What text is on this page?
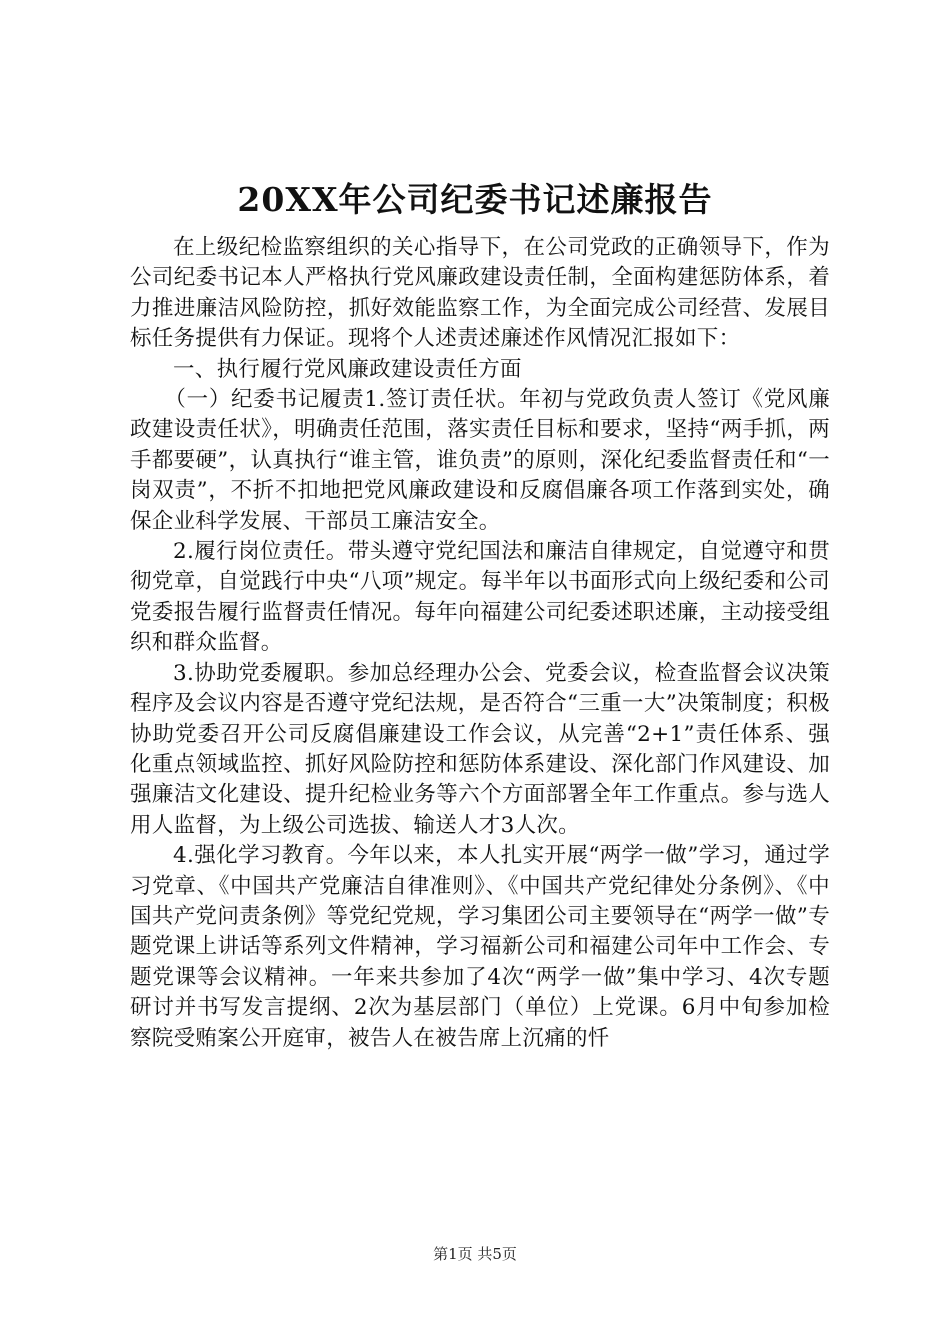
20XX年公司纪委书记述廉报告

在上级纪检监察组织的关心指导下，在公司党政的正确领导下，作为公司纪委书记本人严格执行党风廉政建设责任制，全面构建惩防体系，着力推进廉洁风险防控，抓好效能监察工作，为全面完成公司经营、发展目标任务提供有力保证。现将个人述责述廉述作风情况汇报如下：

一、执行履行党风廉政建设责任方面

（一）纪委书记履责1.签订责任状。年初与党政负责人签订《党风廉政建设责任状》，明确责任范围，落实责任目标和要求，坚持“两手抓，两手都要硬”，认真执行“谁主管，谁负责”的原则，深化纪委监督责任和“一岗双责”，不折不扣地把党风廉政建设和反腐倡廉各项工作落到实处，确保企业科学发展、干部员工廉洁安全。

2.履行岗位责任。带头遵守党纪国法和廉洁自律规定，自觉遵守和贯彻党章，自觉践行中央“八项”规定。每半年以书面形式向上级纪委和公司党委报告履行监督责任情况。每年向福建公司纪委述职述廉，主动接受组织和群众监督。

3.协助党委履职。参加总经理办公会、党委会议，检查监督会议决策程序及会议内容是否遵守党纪法规，是否符合“三重一大”决策制度；积极协助党委召开公司反腐倡廉建设工作会议，从完善“2+1”责任体系、强化重点领域监控、抓好风险防控和惩防体系建设、深化部门作风建设、加强廉洁文化建设、提升纪检业务等六个方面部署全年工作重点。参与选人用人监督，为上级公司选拔、输送人才3人次。

4.强化学习教育。今年以来，本人扎实开展“两学一做”学习，通过学习党章、《中国共产党廉洁自律准则》、《中国共产党纪律处分条例》、《中国共产党问责条例》等党纪党规，学习集团公司主要领导在“两学一做”专题党课上讲话等系列文件精神，学习福新公司和福建公司年中工作会、专题党课等会议精神。一年来共参加了4次“两学一做”集中学习、4次专题研讨并书写发言提纲、2次为基层部门（单位）上党课。6月中旬参加检察院受贿案公开庭审，被告人在被告席上沉痛的忏

第1页 共5页
